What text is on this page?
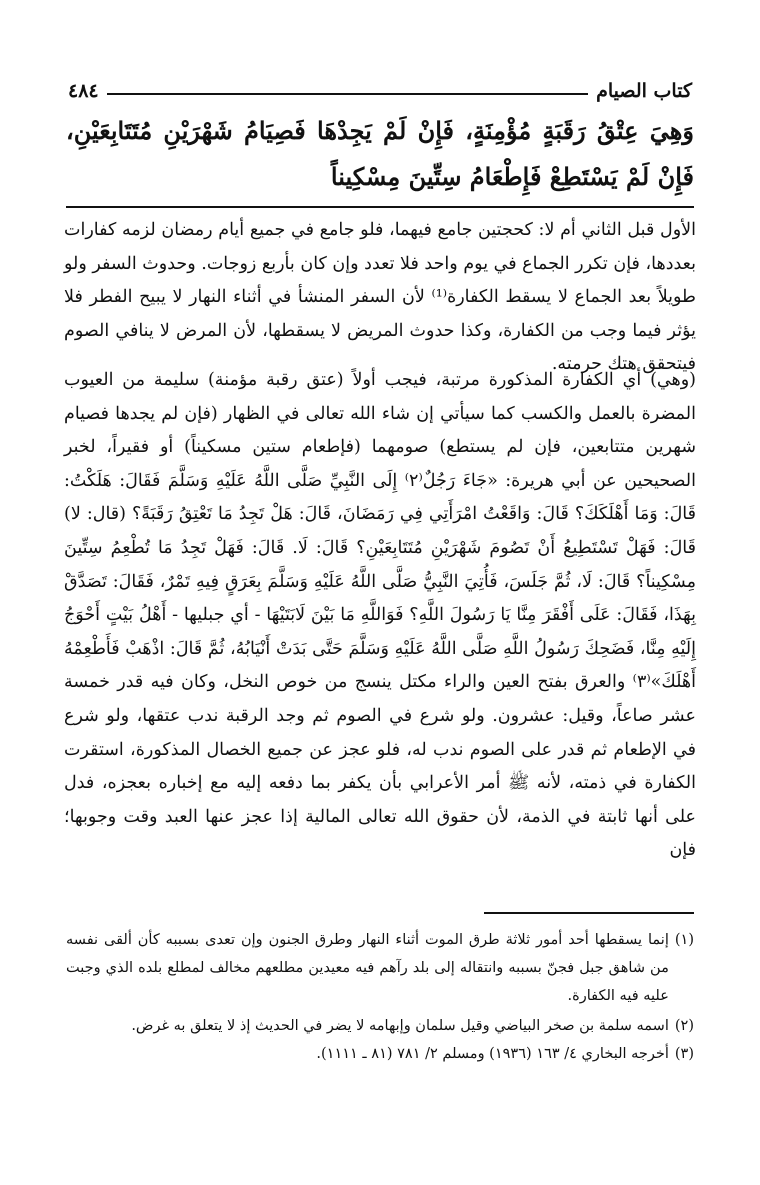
كتاب الصيام
٤٨٤
وَهِيَ عِتْقُ رَقَبَةٍ مُؤْمِنَةٍ، فَإِنْ لَمْ يَجِدْهَا فَصِيَامُ شَهْرَيْنِ مُتَتَابِعَيْنِ، فَإِنْ لَمْ يَسْتَطِعْ فَإِطْعَامُ سِتِّينَ مِسْكِيناً

الأول قبل الثاني أم لا: كحجتين جامع فيهما، فلو جامع في جميع أيام رمضان لزمه كفارات بعددها، فإن تكرر الجماع في يوم واحد فلا تعدد وإن كان بأربع زوجات. وحدوث السفر ولو طويلاً بعد الجماع لا يسقط الكفارة⁽¹⁾ لأن السفر المنشأ في أثناء النهار لا يبيح الفطر فلا يؤثر فيما وجب من الكفارة، وكذا حدوث المريض لا يسقطها، لأن المرض لا ينافي الصوم فيتحقق هتك حرمته.

(وهي) أي الكفارة المذكورة مرتبة، فيجب أولاً (عتق رقبة مؤمنة) سليمة من العيوب المضرة بالعمل والكسب كما سيأتي إن شاء الله تعالى في الظهار (فإن لم يجدها فصيام شهرين متتابعين، فإن لم يستطع) صومهما (فإطعام ستين مسكيناً) أو فقيراً، لخبر الصحيحين عن أبي هريرة: «جَاءَ رَجُلٌ⁽٢⁾ إِلَى النَّبِيِّ صَلَّى اللَّهُ عَلَيْهِ وَسَلَّمَ فَقَالَ: هَلَكْتُ: قَالَ: وَمَا أَهْلَكَكَ؟ قَالَ: وَاقَعْتُ امْرَأَتِي فِي رَمَضَانَ، قَالَ: هَلْ تَجِدُ مَا تَعْتِقُ رَقَبَةً؟ (قال: لا) قَالَ: فَهَلْ تَسْتَطِيعُ أَنْ تَصُومَ شَهْرَيْنِ مُتَتَابِعَيْنِ؟ قَالَ: لَا. قَالَ: فَهَلْ تَجِدُ مَا تُطْعِمُ سِتِّينَ مِسْكِيناً؟ قَالَ: لَا، ثُمَّ جَلَسَ، فَأُتِيَ النَّبِيُّ صَلَّى اللَّهُ عَلَيْهِ وَسَلَّمَ بِعَرَقٍ فِيهِ تَمْرٌ، فَقَالَ: تَصَدَّقْ بِهَذَا، فَقَالَ: عَلَى أَفْقَرَ مِنَّا يَا رَسُولَ اللَّهِ؟ فَوَاللَّهِ مَا بَيْنَ لَابَتَيْهَا - أي جبليها - أَهْلُ بَيْتٍ أَحْوَجُ إِلَيْهِ مِنَّا، فَضَحِكَ رَسُولُ اللَّهِ صَلَّى اللَّهُ عَلَيْهِ وَسَلَّمَ حَتَّى بَدَتْ أَنْيَابُهُ، ثُمَّ قَالَ: اذْهَبْ فَأَطْعِمْهُ أَهْلَكَ»⁽٣⁾ والعرق بفتح العين والراء مكتل ينسج من خوص النخل، وكان فيه قدر خمسة عشر صاعاً، وقيل: عشرون. ولو شرع في الصوم ثم وجد الرقبة ندب عتقها، ولو شرع في الإطعام ثم قدر على الصوم ندب له، فلو عجز عن جميع الخصال المذكورة، استقرت الكفارة في ذمته، لأنه ﷺ أمر الأعرابي بأن يكفر بما دفعه إليه مع إخباره بعجزه، فدل على أنها ثابتة في الذمة، لأن حقوق الله تعالى المالية إذا عجز عنها العبد وقت وجوبها؛ فإن

(١)
إنما يسقطها أحد أمور ثلاثة طرق الموت أثناء النهار وطرق الجنون وإن تعدى بسببه كأن ألقى نفسه من شاهق جبل فجنّ بسببه وانتقاله إلى بلد رآهم فيه معيدين مطلعهم مخالف لمطلع بلده الذي وجبت عليه فيه الكفارة.
(٢)
اسمه سلمة بن صخر البياضي وقيل سلمان وإبهامه لا يضر في الحديث إذ لا يتعلق به غرض.
(٣)
أخرجه البخاري ٤/ ١٦٣ (١٩٣٦) ومسلم ٢/ ٧٨١ (٨١ ـ ١١١١).
